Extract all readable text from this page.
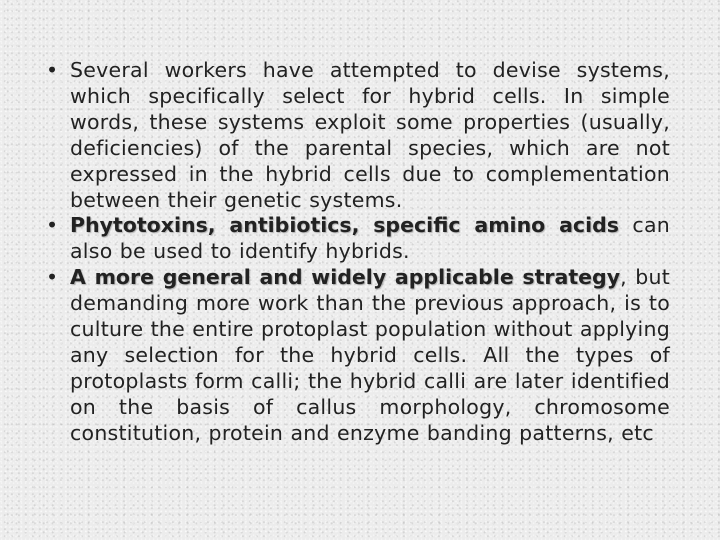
• Several workers have attempted to devise systems, which specifically select for hybrid cells. In simple words, these systems exploit some properties (usually, deficiencies) of the parental species, which are not expressed in the hybrid cells due to complementation between their genetic systems.
• Phytotoxins, antibiotics, specific amino acids can also be used to identify hybrids.
• A more general and widely applicable strategy, but demanding more work than the previous approach, is to culture the entire protoplast population without applying any selection for the hybrid cells. All the types of protoplasts form calli; the hybrid calli are later identified on the basis of callus morphology, chromosome constitution, protein and enzyme banding patterns, etc
